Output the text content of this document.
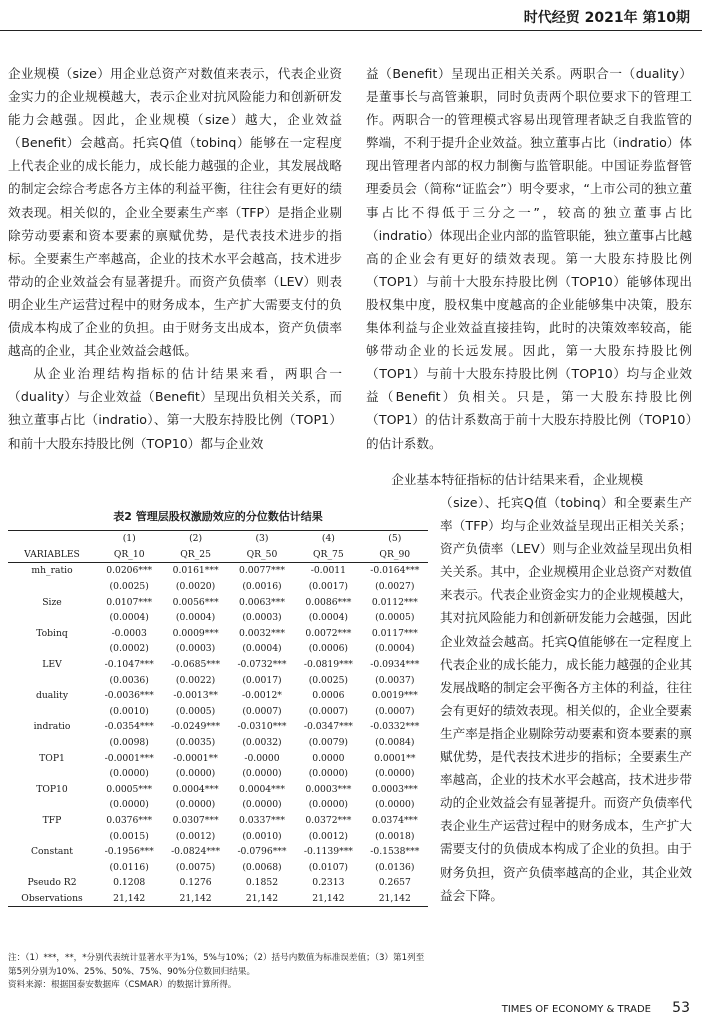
时代经贸 2021年 第10期

企业规模（size）用企业总资产对数值来表示，代表企业资金实力的企业规模越大，表示企业对抗风险能力和创新研发能力会越强。因此，企业规模（size）越大，企业效益（Benefit）会越高。托宾Q值（tobinq）能够在一定程度上代表企业的成长能力，成长能力越强的企业，其发展战略的制定会综合考虑各方主体的利益平衡，往往会有更好的绩效表现。相关似的，企业全要素生产率（TFP）是指企业剔除劳动要素和资本要素的禀赋优势，是代表技术进步的指标。全要素生产率越高，企业的技术水平会越高，技术进步带动的企业效益会有显著提升。而资产负债率（LEV）则表明企业生产运营过程中的财务成本，生产扩大需要支付的负债成本构成了企业的负担。由于财务支出成本，资产负债率越高的企业，其企业效益会越低。

从企业治理结构指标的估计结果来看，两职合一（duality）与企业效益（Benefit）呈现出负相关关系，而独立董事占比（indratio）、第一大股东持股比例（TOP1）和前十大股东持股比例（TOP10）都与企业效

益（Benefit）呈现出正相关关系。两职合一（duality）是董事长与高管兼职，同时负责两个职位要求下的管理工作。两职合一的管理模式容易出现管理者缺乏自我监管的弊端，不利于提升企业效益。独立董事占比（indratio）体现出管理者内部的权力制衡与监管职能。中国证券监督管理委员会（简称“证监会”）明令要求，“上市公司的独立董事占比不得低于三分之一”，较高的独立董事占比（indratio）体现出企业内部的监管职能，独立董事占比越高的企业会有更好的绩效表现。第一大股东持股比例（TOP1）与前十大股东持股比例（TOP10）能够体现出股权集中度，股权集中度越高的企业能够集中决策，股东集体利益与企业效益直接挂钩，此时的决策效率较高，能够带动企业的长远发展。因此，第一大股东持股比例（TOP1）与前十大股东持股比例（TOP10）均与企业效益（Benefit）负相关。只是，第一大股东持股比例（TOP1）的估计系数高于前十大股东持股比例（TOP10）的估计系数。

企业基本特征指标的估计结果来看，企业规模

（size）、托宾Q值（tobinq）和全要素生产率（TFP）均与企业效益呈现出正相关关系；资产负债率（LEV）则与企业效益呈现出负相关关系。其中，企业规模用企业总资产对数值来表示。代表企业资金实力的企业规模越大，其对抗风险能力和创新研发能力会越强，因此企业效益会越高。托宾Q值能够在一定程度上代表企业的成长能力，成长能力越强的企业其发展战略的制定会平衡各方主体的利益，往往会有更好的绩效表现。相关似的，企业全要素生产率是指企业剔除劳动要素和资本要素的禀赋优势，是代表技术进步的指标；全要素生产率越高，企业的技术水平会越高，技术进步带动的企业效益会有显著提升。而资产负债率代表企业生产运营过程中的财务成本，生产扩大需要支付的负债成本构成了企业的负担。由于财务负担，资产负债率越高的企业，其企业效益会下降。

表2 管理层股权激励效应的分位数估计结果
	(1)	(2)	(3)	(4)	(5)
VARIABLES	QR_10	QR_25	QR_50	QR_75	QR_90
mh_ratio	0.0206***	0.0161***	0.0077***	-0.0011	-0.0164***
	(0.0025)	(0.0020)	(0.0016)	(0.0017)	(0.0027)
Size	0.0107***	0.0056***	0.0063***	0.0086***	0.0112***
	(0.0004)	(0.0004)	(0.0003)	(0.0004)	(0.0005)
Tobinq	-0.0003	0.0009***	0.0032***	0.0072***	0.0117***
	(0.0002)	(0.0003)	(0.0004)	(0.0006)	(0.0004)
LEV	-0.1047***	-0.0685***	-0.0732***	-0.0819***	-0.0934***
	(0.0036)	(0.0022)	(0.0017)	(0.0025)	(0.0037)
duality	-0.0036***	-0.0013**	-0.0012*	0.0006	0.0019***
	(0.0010)	(0.0005)	(0.0007)	(0.0007)	(0.0007)
indratio	-0.0354***	-0.0249***	-0.0310***	-0.0347***	-0.0332***
	(0.0098)	(0.0035)	(0.0032)	(0.0079)	(0.0084)
TOP1	-0.0001***	-0.0001**	-0.0000	0.0000	0.0001**
	(0.0000)	(0.0000)	(0.0000)	(0.0000)	(0.0000)
TOP10	0.0005***	0.0004***	0.0004***	0.0003***	0.0003***
	(0.0000)	(0.0000)	(0.0000)	(0.0000)	(0.0000)
TFP	0.0376***	0.0307***	0.0337***	0.0372***	0.0374***
	(0.0015)	(0.0012)	(0.0010)	(0.0012)	(0.0018)
Constant	-0.1956***	-0.0824***	-0.0796***	-0.1139***	-0.1538***
	(0.0116)	(0.0075)	(0.0068)	(0.0107)	(0.0136)
Pseudo R2	0.1208	0.1276	0.1852	0.2313	0.2657
Observations	21,142	21,142	21,142	21,142	21,142

注：（1）***，**，*分别代表统计显著水平为1%，5%与10%；（2）括号内数值为标准误差值；（3）第1列至第5列分别为10%、25%、50%、75%、90%分位数回归结果。

资料来源：根据国泰安数据库（CSMAR）的数据计算所得。

TIMES OF ECONOMY & TRADE 53
